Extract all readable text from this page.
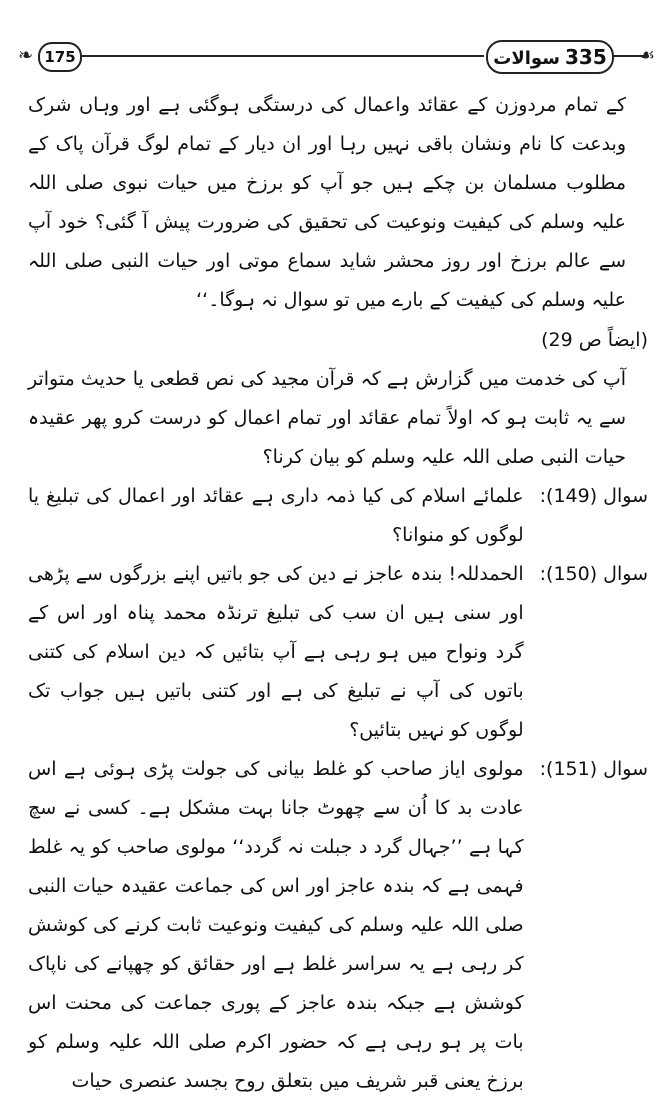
❧ 175	335 سوالات	☙

کے تمام مردوزن کے عقائد واعمال کی درستگی ہوگئی ہے اور وہاں شرک وبدعت کا نام ونشان باقی نہیں رہا اور ان دیار کے تمام لوگ قرآن پاک کے مطلوب مسلمان بن چکے ہیں جو آپ کو برزخ میں حیات نبوی صلی اللہ علیہ وسلم کی کیفیت ونوعیت کی تحقیق کی ضرورت پیش آ گئی؟ خود آپ سے عالم برزخ اور روز محشر شاید سماع موتی اور حیات النبی صلی اللہ علیہ وسلم کی کیفیت کے بارے میں تو سوال نہ ہوگا۔‘‘

(ایضاً ص 29)

آپ کی خدمت میں گزارش ہے کہ قرآن مجید کی نص قطعی یا حدیث متواتر سے یہ ثابت ہو کہ اولاً تمام عقائد اور تمام اعمال کو درست کرو پھر عقیدہ حیات النبی صلی اللہ علیہ وسلم کو بیان کرنا؟

سوال (149):
علمائے اسلام کی کیا ذمہ داری ہے عقائد اور اعمال کی تبلیغ یا لوگوں کو منوانا؟
سوال (150):
الحمدللہ! بندہ عاجز نے دین کی جو باتیں اپنے بزرگوں سے پڑھی اور سنی ہیں ان سب کی تبلیغ ترنڈہ محمد پناہ اور اس کے گرد ونواح میں ہو رہی ہے آپ بتائیں کہ دین اسلام کی کتنی باتوں کی آپ نے تبلیغ کی ہے اور کتنی باتیں ہیں جواب تک لوگوں کو نہیں بتائیں؟
سوال (151):
مولوی ایاز صاحب کو غلط بیانی کی جولت پڑی ہوئی ہے اس عادت بد کا اُن سے چھوٹ جانا بہت مشکل ہے۔ کسی نے سچ کہا ہے ’’جہال گرد د جبلت نہ گردد‘‘ مولوی صاحب کو یہ غلط فہمی ہے کہ بندہ عاجز اور اس کی جماعت عقیدہ حیات النبی صلی اللہ علیہ وسلم کی کیفیت ونوعیت ثابت کرنے کی کوشش کر رہی ہے یہ سراسر غلط ہے اور حقائق کو چھپانے کی ناپاک کوشش ہے جبکہ بندہ عاجز کے پوری جماعت کی محنت اس بات پر ہو رہی ہے کہ حضور اکرم صلی اللہ علیہ وسلم کو برزخ یعنی قبر شریف میں بتعلق روح بجسد عنصری حیات
